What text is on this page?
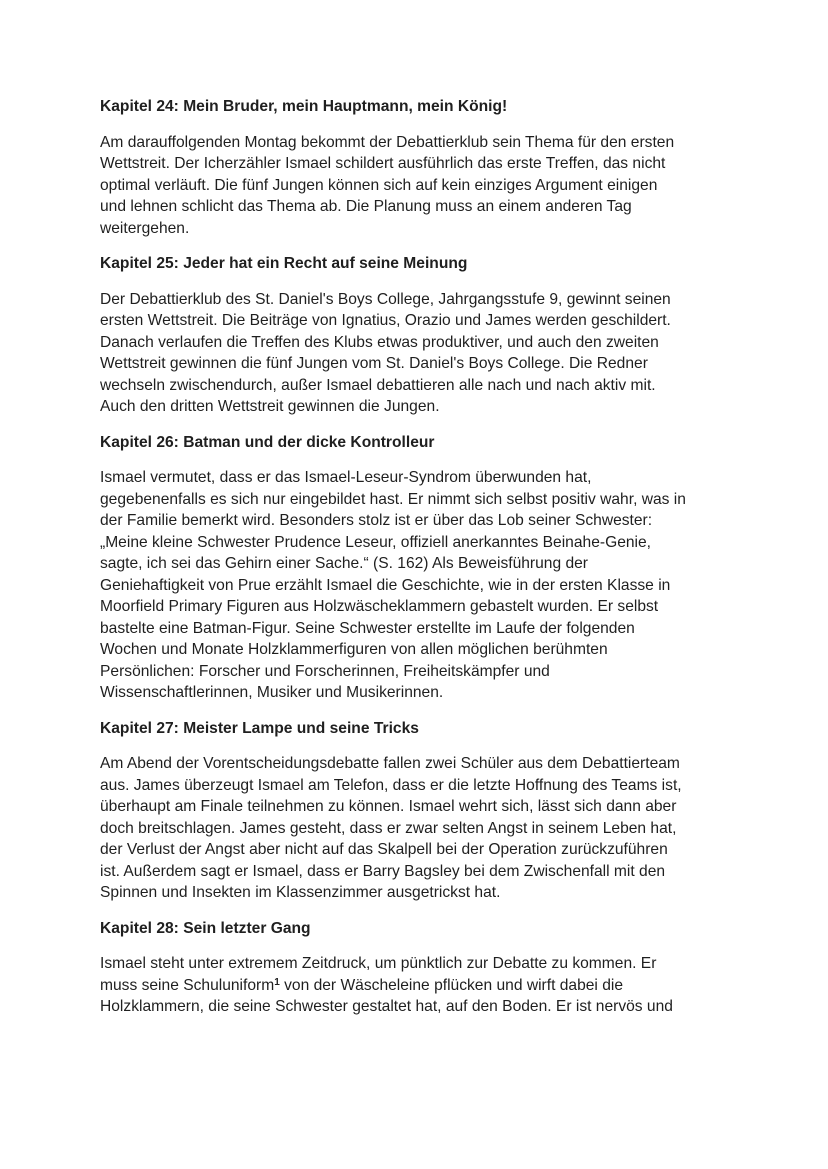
Kapitel 24: Mein Bruder, mein Hauptmann, mein König!
Am darauffolgenden Montag bekommt der Debattierklub sein Thema für den ersten
Wettstreit. Der Icherzähler Ismael schildert ausführlich das erste Treffen, das nicht
optimal verläuft. Die fünf Jungen können sich auf kein einziges Argument einigen
und lehnen schlicht das Thema ab. Die Planung muss an einem anderen Tag
weitergehen.
Kapitel 25: Jeder hat ein Recht auf seine Meinung
Der Debattierklub des St. Daniel's Boys College, Jahrgangsstufe 9, gewinnt seinen
ersten Wettstreit. Die Beiträge von Ignatius, Orazio und James werden geschildert.
Danach verlaufen die Treffen des Klubs etwas produktiver, und auch den zweiten
Wettstreit gewinnen die fünf Jungen vom St. Daniel's Boys College. Die Redner
wechseln zwischendurch, außer Ismael debattieren alle nach und nach aktiv mit.
Auch den dritten Wettstreit gewinnen die Jungen.
Kapitel 26: Batman und der dicke Kontrolleur
Ismael vermutet, dass er das Ismael-Leseur-Syndrom überwunden hat,
gegebenenfalls es sich nur eingebildet hast. Er nimmt sich selbst positiv wahr, was in
der Familie bemerkt wird. Besonders stolz ist er über das Lob seiner Schwester:
„Meine kleine Schwester Prudence Leseur, offiziell anerkanntes Beinahe-Genie,
sagte, ich sei das Gehirn einer Sache.“ (S. 162) Als Beweisführung der
Geniehaftigkeit von Prue erzählt Ismael die Geschichte, wie in der ersten Klasse in
Moorfield Primary Figuren aus Holzwäscheklammern gebastelt wurden. Er selbst
bastelte eine Batman-Figur. Seine Schwester erstellte im Laufe der folgenden
Wochen und Monate Holzklammerfiguren von allen möglichen berühmten
Persönlichen: Forscher und Forscherinnen, Freiheitskämpfer und
Wissenschaftlerinnen, Musiker und Musikerinnen.
Kapitel 27: Meister Lampe und seine Tricks
Am Abend der Vorentscheidungsdebatte fallen zwei Schüler aus dem Debattierteam
aus. James überzeugt Ismael am Telefon, dass er die letzte Hoffnung des Teams ist,
überhaupt am Finale teilnehmen zu können. Ismael wehrt sich, lässt sich dann aber
doch breitschlagen. James gesteht, dass er zwar selten Angst in seinem Leben hat,
der Verlust der Angst aber nicht auf das Skalpell bei der Operation zurückzuführen
ist. Außerdem sagt er Ismael, dass er Barry Bagsley bei dem Zwischenfall mit den
Spinnen und Insekten im Klassenzimmer ausgetrickst hat.
Kapitel 28: Sein letzter Gang
Ismael steht unter extremem Zeitdruck, um pünktlich zur Debatte zu kommen. Er
muss seine Schuluniform$^1$ von der Wäscheleine pflücken und wirft dabei die
Holzklammern, die seine Schwester gestaltet hat, auf den Boden. Er ist nervös und
